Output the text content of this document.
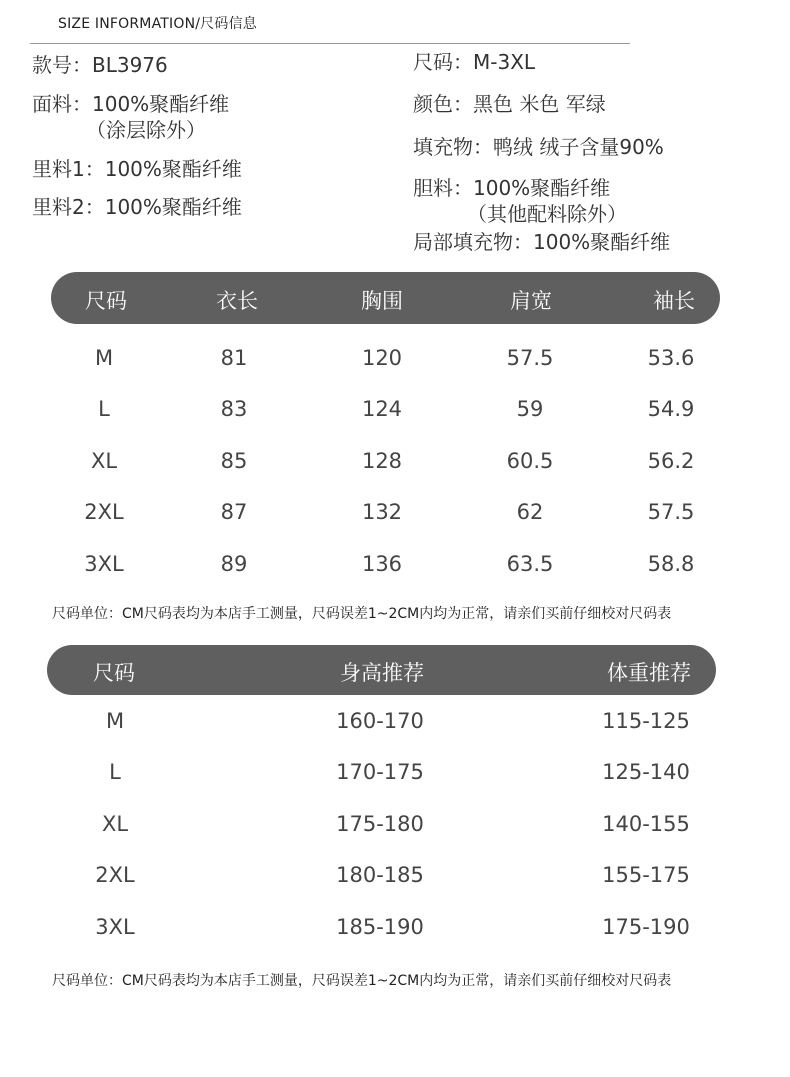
SIZE INFORMATION/尺码信息
款号：BL3976
面料：100%聚酯纤维
（涂层除外）
里料1：100%聚酯纤维
里料2：100%聚酯纤维
尺码：M-3XL
颜色：黑色 米色 军绿
填充物：鸭绒 绒子含量90%
胆料：100%聚酯纤维
（其他配料除外）
局部填充物：100%聚酯纤维
尺码	衣长	胸围	肩宽	袖长
M	81	120	57.5	53.6
L	83	124	59	54.9
XL	85	128	60.5	56.2
2XL	87	132	62	57.5
3XL	89	136	63.5	58.8
尺码单位：CM尺码表均为本店手工测量，尺码误差1~2CM内均为正常，请亲们买前仔细校对尺码表
尺码	身高推荐	体重推荐
M	160-170	115-125
L	170-175	125-140
XL	175-180	140-155
2XL	180-185	155-175
3XL	185-190	175-190
尺码单位：CM尺码表均为本店手工测量，尺码误差1~2CM内均为正常，请亲们买前仔细校对尺码表
